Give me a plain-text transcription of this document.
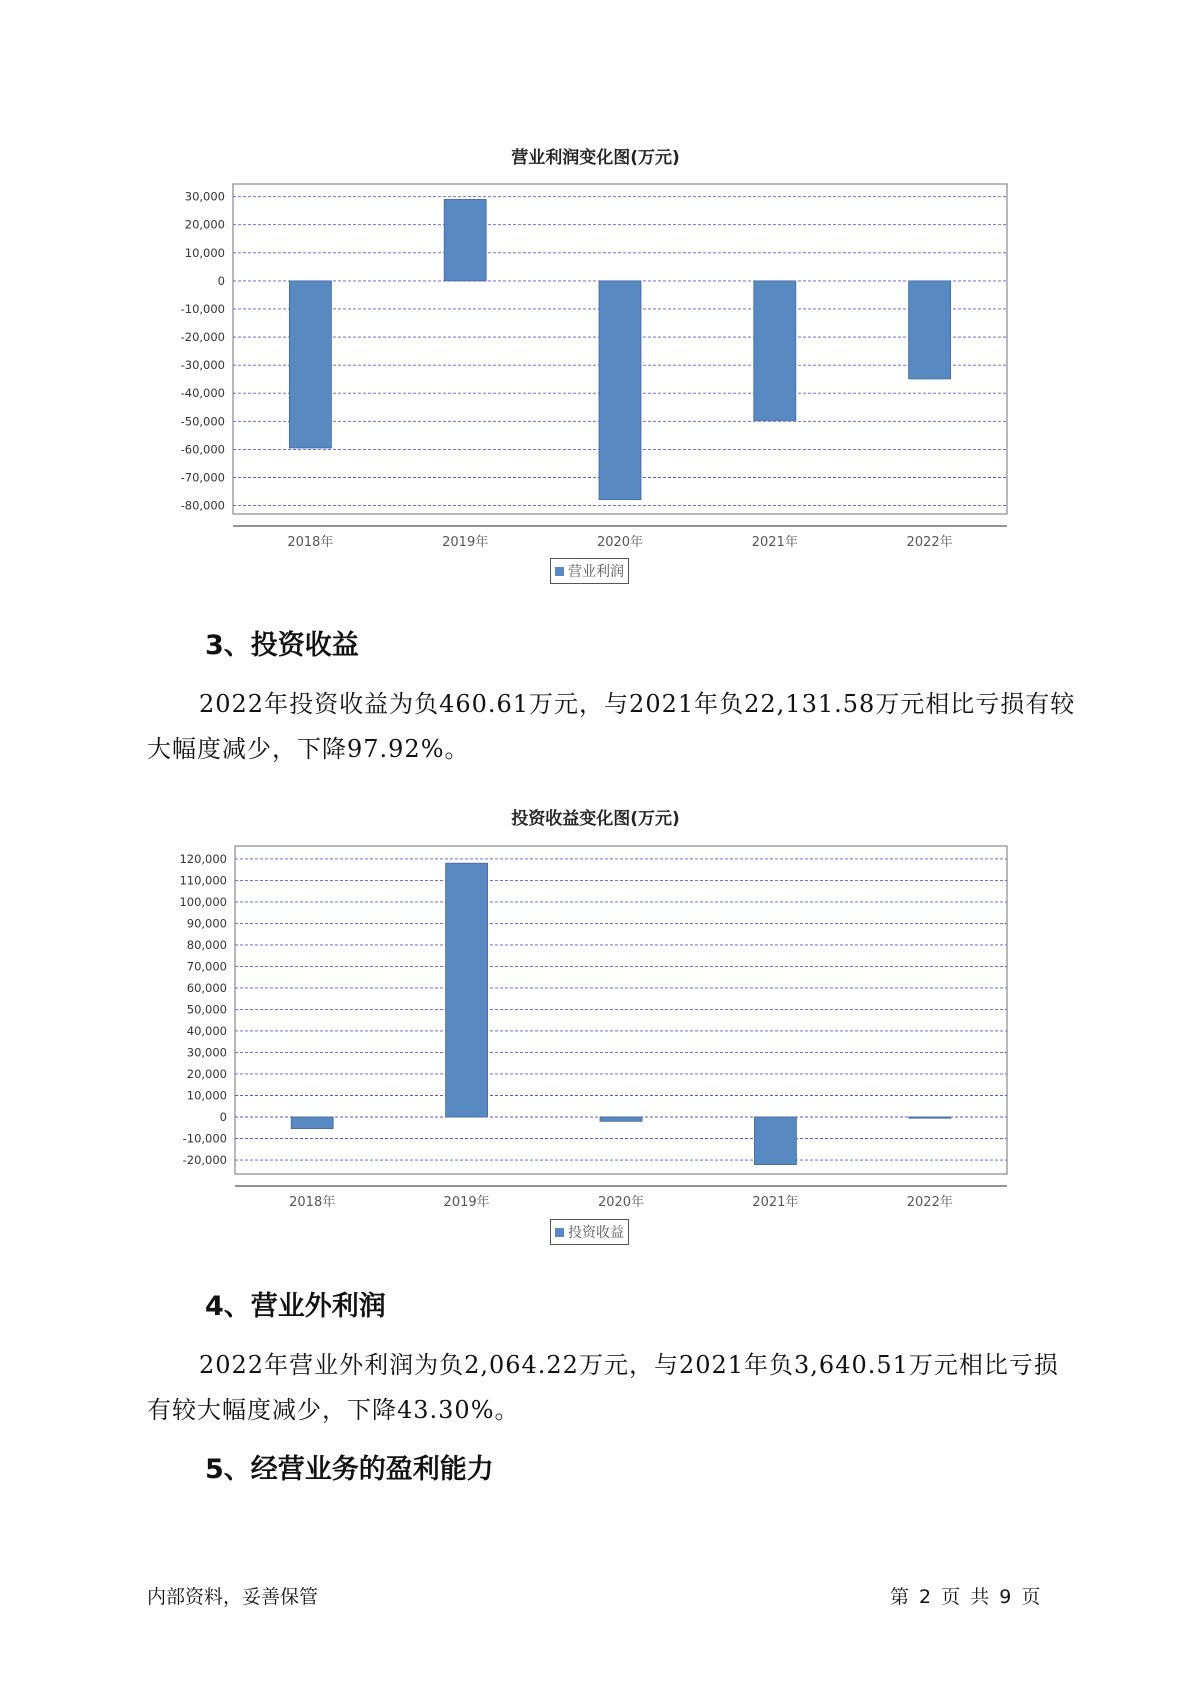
营业利润变化图(万元)
30,000
20,000
10,000
0
-10,000
-20,000
-30,000
-40,000
-50,000
-60,000
-70,000
-80,000
2018年	2019年	2020年	2021年	2022年
营业利润
3、投资收益
2022年投资收益为负460.61万元，与2021年负22,131.58万元相比亏损有较大幅度减少，下降97.92%。
投资收益变化图(万元)
120,000
110,000
100,000
90,000
80,000
70,000
60,000
50,000
40,000
30,000
20,000
10,000
0
-10,000
-20,000
2018年	2019年	2020年	2021年	2022年
投资收益
4、营业外利润
2022年营业外利润为负2,064.22万元，与2021年负3,640.51万元相比亏损有较大幅度减少，下降43.30%。
5、经营业务的盈利能力
内部资料，妥善保管	第 2 页 共 9 页
